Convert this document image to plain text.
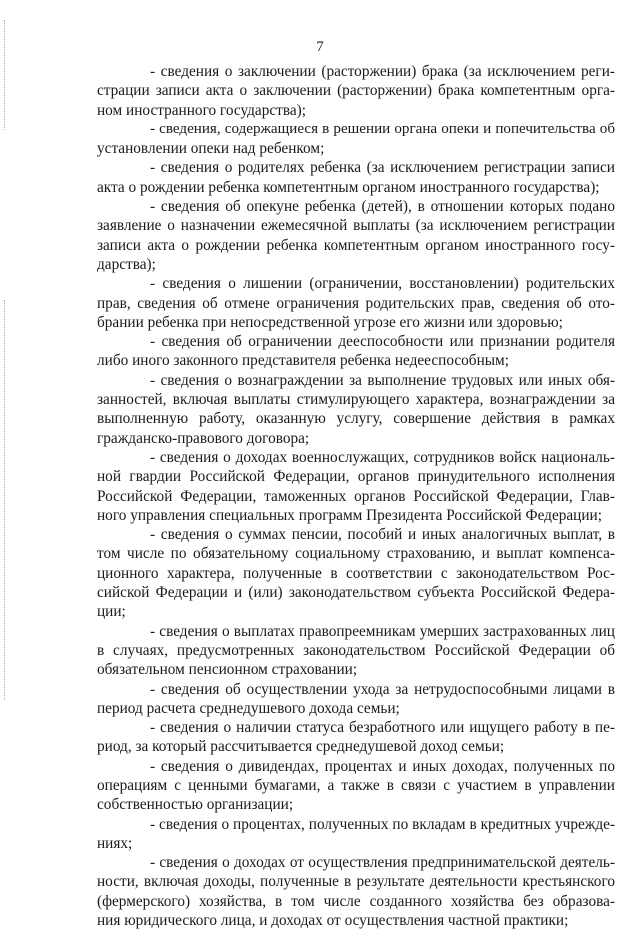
7

- сведения о заключении (расторжении) брака (за исключением реги-
страции записи акта о заключении (расторжении) брака компетентным орга-
ном иностранного государства);

- сведения, содержащиеся в решении органа опеки и попечительства об
установлении опеки над ребенком;

- сведения о родителях ребенка (за исключением регистрации записи
акта о рождении ребенка компетентным органом иностранного государства);

- сведения об опекуне ребенка (детей), в отношении которых подано
заявление о назначении ежемесячной выплаты (за исключением регистрации
записи акта о рождении ребенка компетентным органом иностранного госу-
дарства);

- сведения о лишении (ограничении, восстановлении) родительских
прав, сведения об отмене ограничения родительских прав, сведения об ото-
брании ребенка при непосредственной угрозе его жизни или здоровью;

- сведения об ограничении дееспособности или признании родителя
либо иного законного представителя ребенка недееспособным;

- сведения о вознаграждении за выполнение трудовых или иных обя-
занностей, включая выплаты стимулирующего характера, вознаграждении за
выполненную работу, оказанную услугу, совершение действия в рамках
гражданско-правового договора;

- сведения о доходах военнослужащих, сотрудников войск националь-
ной гвардии Российской Федерации, органов принудительного исполнения
Российской Федерации, таможенных органов Российской Федерации, Глав-
ного управления специальных программ Президента Российской Федерации;

- сведения о суммах пенсии, пособий и иных аналогичных выплат, в
том числе по обязательному социальному страхованию, и выплат компенса-
ционного характера, полученные в соответствии с законодательством Рос-
сийской Федерации и (или) законодательством субъекта Российской Федера-
ции;

- сведения о выплатах правопреемникам умерших застрахованных лиц
в случаях, предусмотренных законодательством Российской Федерации об
обязательном пенсионном страховании;

- сведения об осуществлении ухода за нетрудоспособными лицами в
период расчета среднедушевого дохода семьи;

- сведения о наличии статуса безработного или ищущего работу в пе-
риод, за который рассчитывается среднедушевой доход семьи;

- сведения о дивидендах, процентах и иных доходах, полученных по
операциям с ценными бумагами, а также в связи с участием в управлении
собственностью организации;

- сведения о процентах, полученных по вкладам в кредитных учрежде-
ниях;

- сведения о доходах от осуществления предпринимательской деятель-
ности, включая доходы, полученные в результате деятельности крестьянского
(фермерского) хозяйства, в том числе созданного хозяйства без образова-
ния юридического лица, и доходах от осуществления частной практики;
